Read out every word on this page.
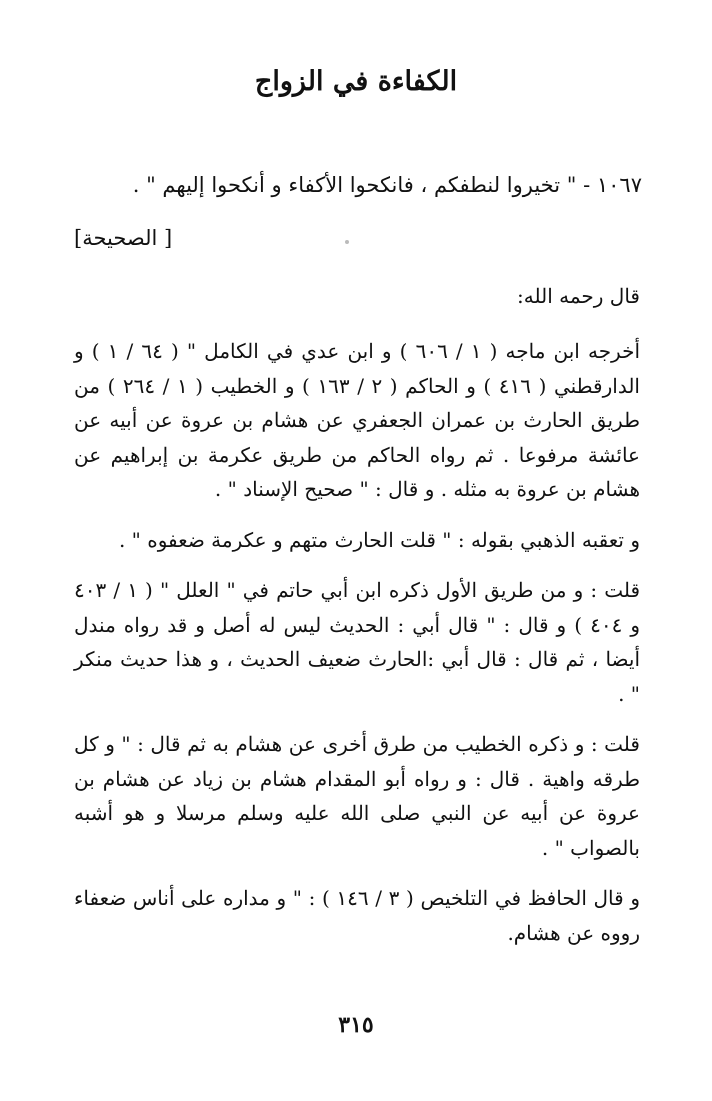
الكفاءة في الزواج
١٠٦٧ - " تخيروا لنطفكم ، فانكحوا الأكفاء و أنكحوا إليهم " .
[ الصحيحة]
قال رحمه الله:

أخرجه ابن ماجه ( ١ / ٦٠٦ ) و ابن عدي في الكامل " ( ٦٤ / ١ ) و الدارقطني ( ٤١٦ ) و الحاكم ( ٢ / ١٦٣ ) و الخطيب ( ١ / ٢٦٤ ) من طريق الحارث بن عمران الجعفري عن هشام بن عروة عن أبيه عن عائشة مرفوعا . ثم رواه الحاكم من طريق عكرمة بن إبراهيم عن هشام بن عروة به مثله . و قال : " صحيح الإسناد " .

و تعقبه الذهبي بقوله : " قلت الحارث متهم و عكرمة ضعفوه " .

قلت : و من طريق الأول ذكره ابن أبي حاتم في " العلل " ( ١ / ٤٠٣ و ٤٠٤ ) و قال : " قال أبي : الحديث ليس له أصل و قد رواه مندل أيضا ، ثم قال : قال أبي :الحارث ضعيف الحديث ، و هذا حديث منكر " .

قلت : و ذكره الخطيب من طرق أخرى عن هشام به ثم قال : " و كل طرقه واهية . قال : و رواه أبو المقدام هشام بن زياد عن هشام بن عروة عن أبيه عن النبي صلى الله عليه وسلم مرسلا و هو أشبه بالصواب " .

و قال الحافظ في التلخيص ( ٣ / ١٤٦ ) : " و مداره على أناس ضعفاء رووه عن هشام.

٣١٥
